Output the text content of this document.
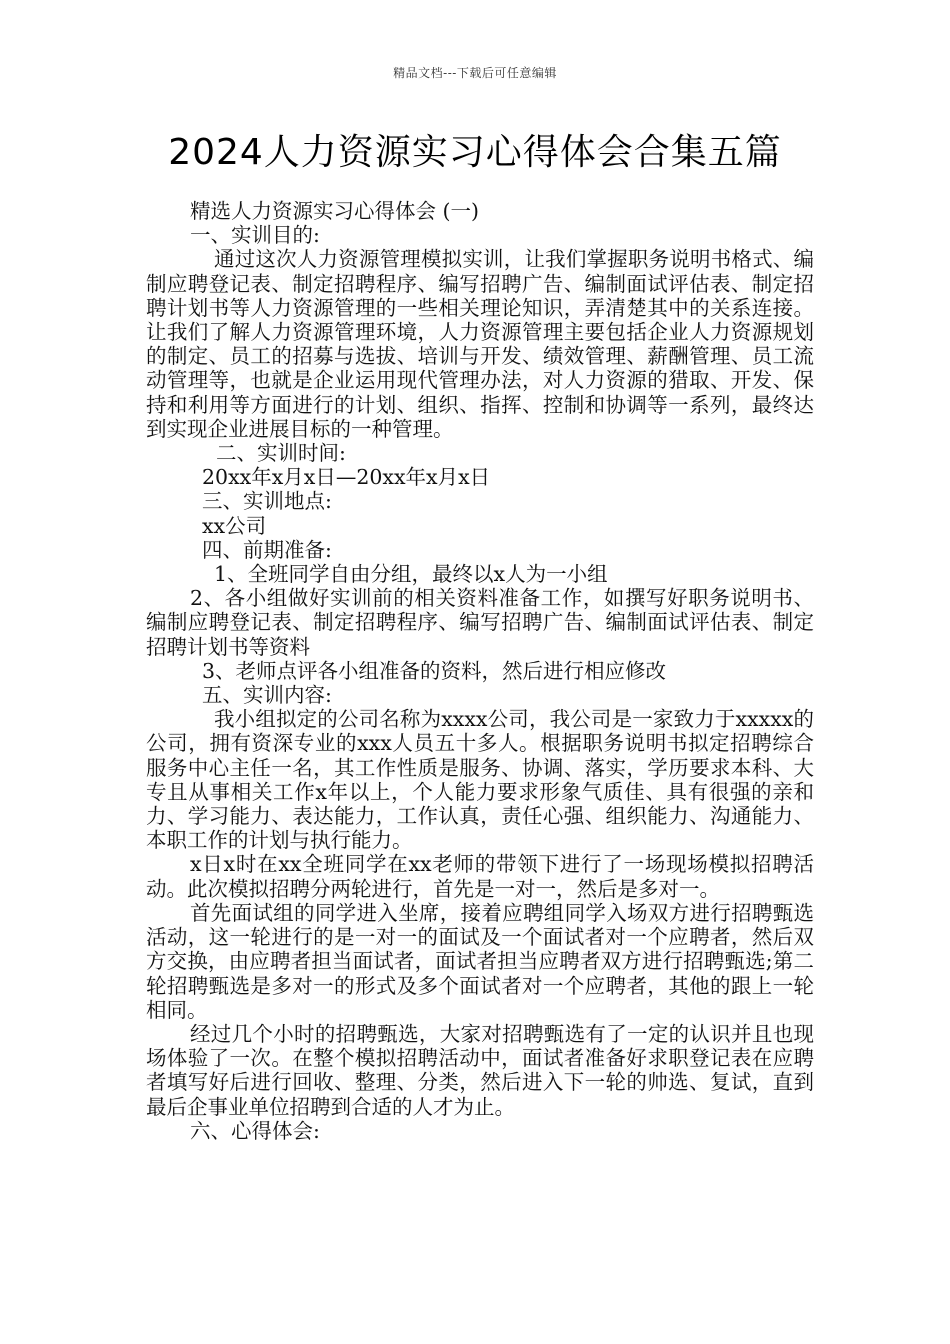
精品文档---下载后可任意编辑
2024人力资源实习心得体会合集五篇

精选人力资源实习心得体会 (一)

一、实训目的:

通过这次人力资源管理模拟实训，让我们掌握职务说明书格式、编制应聘登记表、制定招聘程序、编写招聘广告、编制面试评估表、制定招聘计划书等人力资源管理的一些相关理论知识，弄清楚其中的关系连接。让我们了解人力资源管理环境，人力资源管理主要包括企业人力资源规划的制定、员工的招募与选拔、培训与开发、绩效管理、薪酬管理、员工流动管理等，也就是企业运用现代管理办法，对人力资源的猎取、开发、保持和利用等方面进行的计划、组织、指挥、控制和协调等一系列，最终达到实现企业进展目标的一种管理。

二、实训时间:

20xx年x月x日—20xx年x月x日

三、实训地点:

xx公司

四、前期准备:

1、全班同学自由分组，最终以x人为一小组

2、各小组做好实训前的相关资料准备工作，如撰写好职务说明书、编制应聘登记表、制定招聘程序、编写招聘广告、编制面试评估表、制定招聘计划书等资料

3、老师点评各小组准备的资料，然后进行相应修改

五、实训内容:

我小组拟定的公司名称为xxxx公司，我公司是一家致力于xxxxx的公司，拥有资深专业的xxx人员五十多人。根据职务说明书拟定招聘综合服务中心主任一名，其工作性质是服务、协调、落实，学历要求本科、大专且从事相关工作x年以上，个人能力要求形象气质佳、具有很强的亲和力、学习能力、表达能力，工作认真，责任心强、组织能力、沟通能力、本职工作的计划与执行能力。

x日x时在xx全班同学在xx老师的带领下进行了一场现场模拟招聘活动。此次模拟招聘分两轮进行，首先是一对一，然后是多对一。

首先面试组的同学进入坐席，接着应聘组同学入场双方进行招聘甄选活动，这一轮进行的是一对一的面试及一个面试者对一个应聘者，然后双方交换，由应聘者担当面试者，面试者担当应聘者双方进行招聘甄选;第二轮招聘甄选是多对一的形式及多个面试者对一个应聘者，其他的跟上一轮相同。

经过几个小时的招聘甄选，大家对招聘甄选有了一定的认识并且也现场体验了一次。在整个模拟招聘活动中，面试者准备好求职登记表在应聘者填写好后进行回收、整理、分类，然后进入下一轮的帅选、复试，直到最后企事业单位招聘到合适的人才为止。

六、心得体会:
